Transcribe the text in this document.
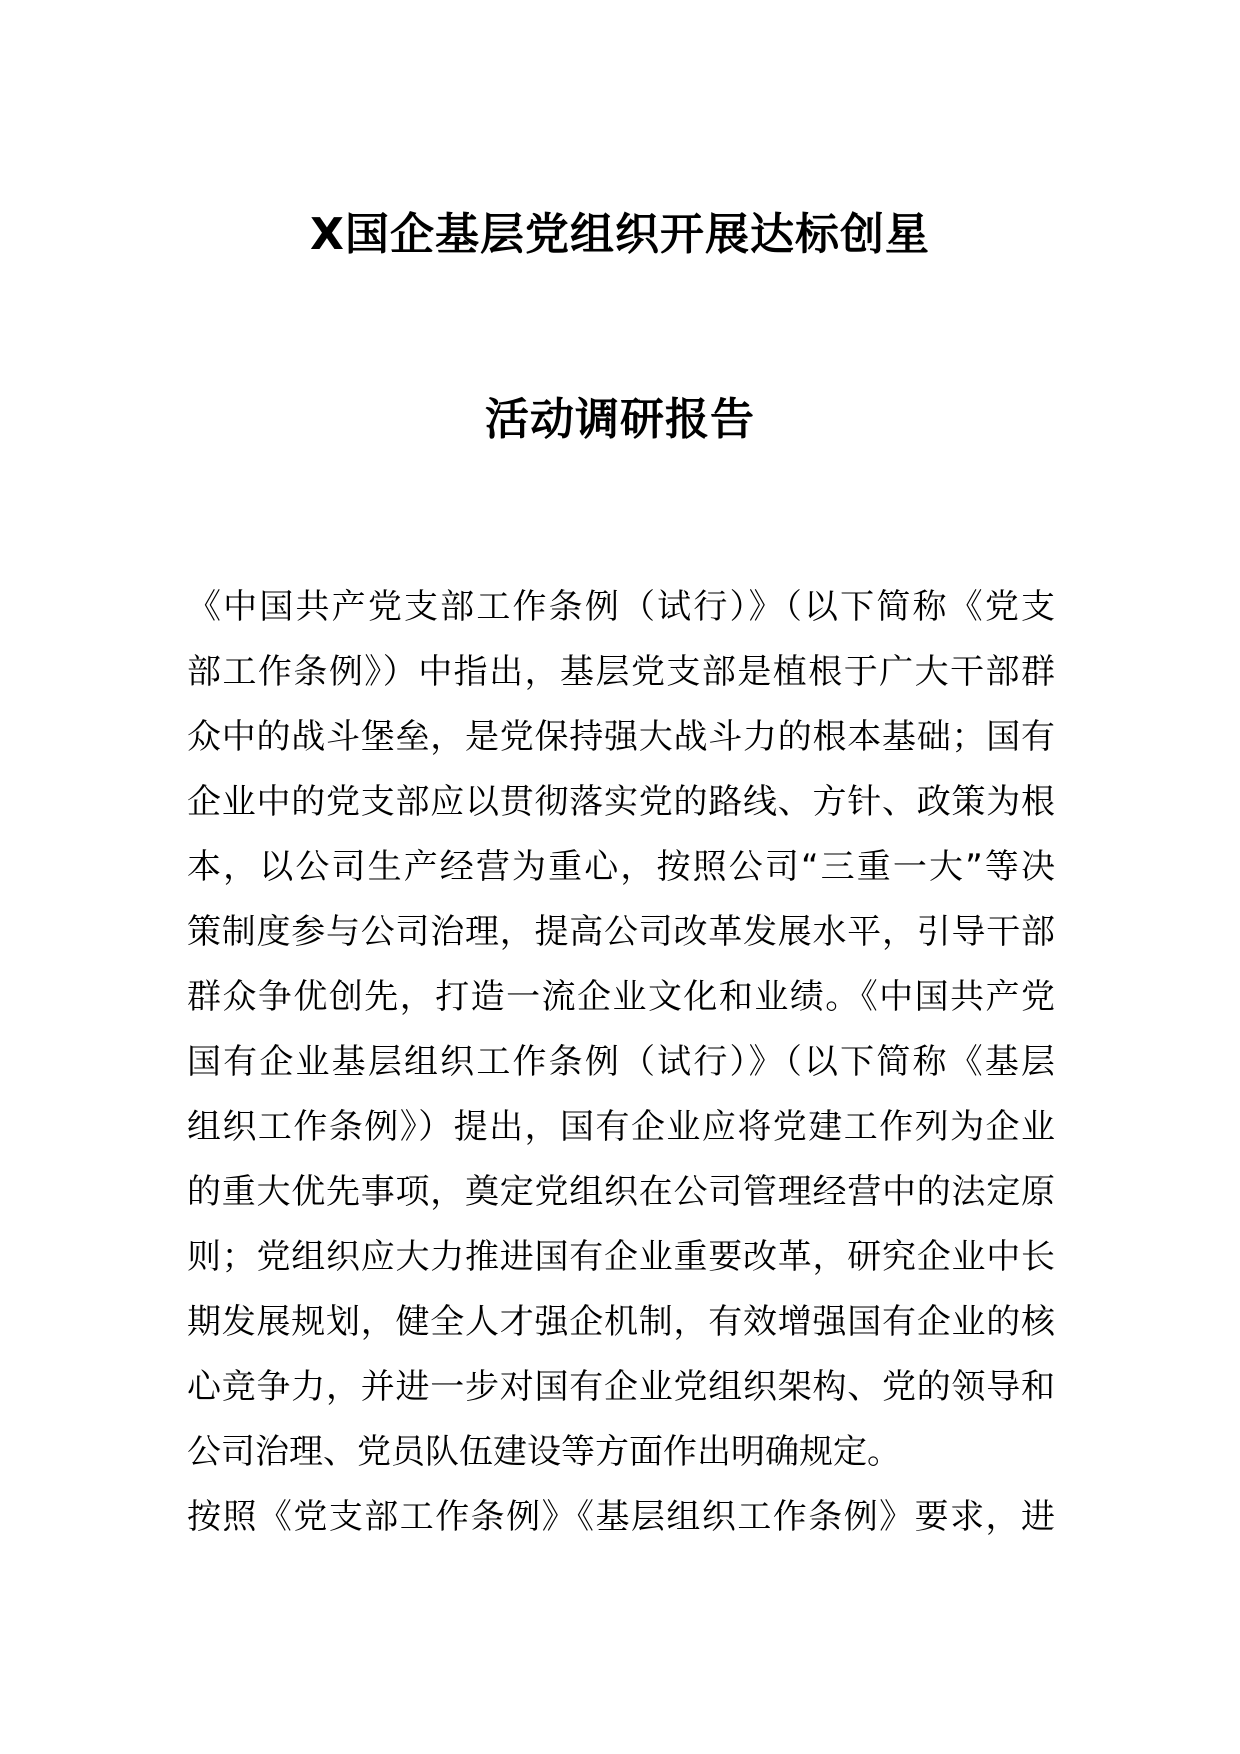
X国企基层党组织开展达标创星
活动调研报告
《中国共产党支部工作条例（试行）》（以下简称《党支
部工作条例》）中指出，基层党支部是植根于广大干部群
众中的战斗堡垒，是党保持强大战斗力的根本基础；国有
企业中的党支部应以贯彻落实党的路线、方针、政策为根
本，以公司生产经营为重心，按照公司“三重一大”等决
策制度参与公司治理，提高公司改革发展水平，引导干部
群众争优创先，打造一流企业文化和业绩。《中国共产党
国有企业基层组织工作条例（试行）》（以下简称《基层
组织工作条例》）提出，国有企业应将党建工作列为企业
的重大优先事项，奠定党组织在公司管理经营中的法定原
则；党组织应大力推进国有企业重要改革，研究企业中长
期发展规划，健全人才强企机制，有效增强国有企业的核
心竞争力，并进一步对国有企业党组织架构、党的领导和
公司治理、党员队伍建设等方面作出明确规定。
按照《党支部工作条例》《基层组织工作条例》要求，进
